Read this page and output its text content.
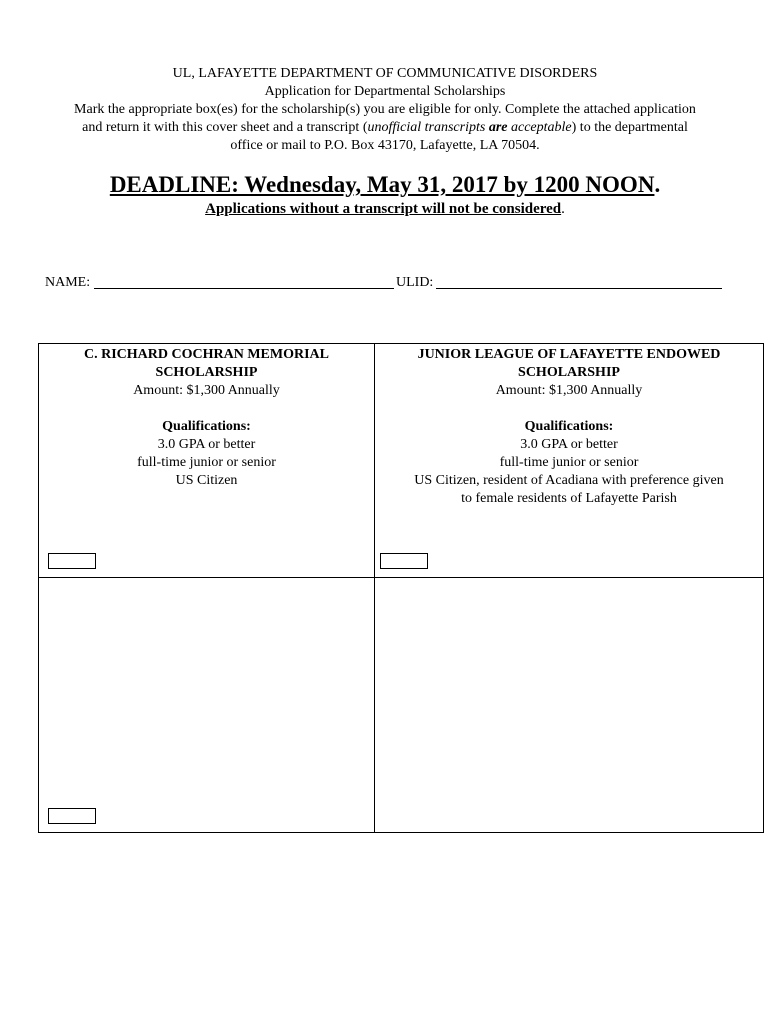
UL, LAFAYETTE DEPARTMENT OF COMMUNICATIVE DISORDERS

Application for Departmental Scholarships

Mark the appropriate box(es) for the scholarship(s) you are eligible for only. Complete the attached application

and return it with this cover sheet and a transcript (unofficial transcripts are acceptable) to the departmental

office or mail to P.O. Box 43170, Lafayette, LA 70504.

DEADLINE: Wednesday, May 31, 2017 by 1200 NOON.

Applications without a transcript will not be considered.

NAME:	ULID:

C. RICHARD COCHRAN MEMORIAL

SCHOLARSHIP

Amount: $1,300 Annually

Qualifications:

3.0 GPA or better

full-time junior or senior

US Citizen

JUNIOR LEAGUE OF LAFAYETTE ENDOWED

SCHOLARSHIP

Amount: $1,300 Annually

Qualifications:

3.0 GPA or better

full-time junior or senior

US Citizen, resident of Acadiana with preference given

to female residents of Lafayette Parish
